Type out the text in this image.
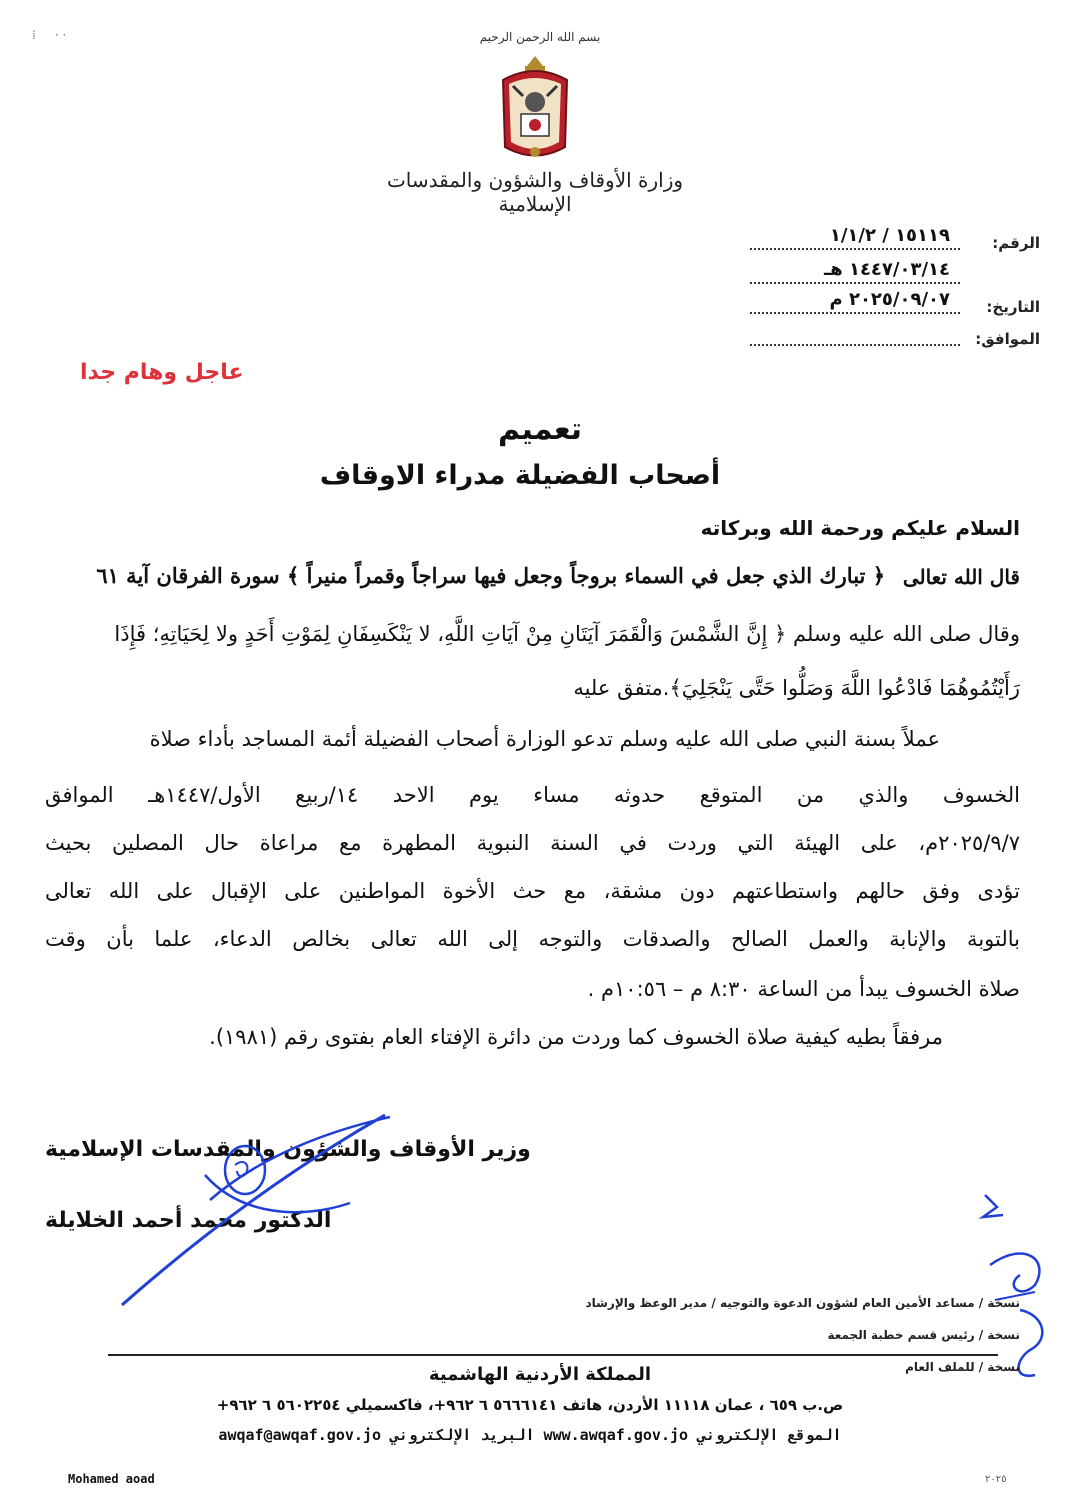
⁞     · ·	بسم الله الرحمن الرحيم
وزارة الأوقاف والشؤون والمقدسات الإسلامية
الرقم:
١٥١١٩ / ١/١/٢
١٤٤٧/٠٣/١٤ هـ
التاريخ:
٢٠٢٥/٠٩/٠٧ م
الموافق:
عاجل وهام جدا
تعميم
أصحاب الفضيلة مدراء الاوقاف
السلام عليكم ورحمة الله وبركاته
قال الله تعالى
﴿ تبارك الذي جعل في السماء بروجاً وجعل فيها سراجاً وقمراً منيراً ﴾ سورة الفرقان آية ٦١
وقال صلى الله عليه وسلم ﴿ إِنَّ الشَّمْسَ وَالْقَمَرَ آيَتَانِ مِنْ آيَاتِ اللَّهِ، لا يَنْكَسِفَانِ لِمَوْتِ أَحَدٍ ولا لِحَيَاتِهِ؛ فَإِذَا
رَأَيْتُمُوهُمَا فَادْعُوا اللَّهَ وَصَلُّوا حَتَّى يَنْجَلِيَ﴾.متفق عليه
عملاً بسنة النبي صلى الله عليه وسلم تدعو الوزارة أصحاب الفضيلة أئمة المساجد بأداء صلاة
الخسوف والذي من المتوقع حدوثه مساء يوم الاحد ١٤/ربيع الأول/١٤٤٧هـ الموافق
٢٠٢٥/٩/٧م، على الهيئة التي وردت في السنة النبوية المطهرة مع مراعاة حال المصلين بحيث
تؤدى وفق حالهم واستطاعتهم دون مشقة، مع حث الأخوة المواطنين على الإقبال على الله تعالى
بالتوبة والإنابة والعمل الصالح والصدقات والتوجه إلى الله تعالى بخالص الدعاء، علما بأن وقت
صلاة الخسوف يبدأ من الساعة ٨:٣٠ م – ١٠:٥٦م .
مرفقاً بطيه كيفية صلاة الخسوف كما وردت من دائرة الإفتاء العام بفتوى رقم (١٩٨١).
وزير الأوقاف والشؤون والمقدسات الإسلامية
الدكتور محمد أحمد الخلايلة
نسخة / مساعد الأمين العام لشؤون الدعوة والتوجيه / مدير الوعظ والإرشاد
نسخة / رئيس قسم خطبة الجمعة
نسخة / للملف العام
المملكة الأردنية الهاشمية
ص.ب ٦٥٩ ، عمان ١١١١٨ الأردن، هاتف ٥٦٦٦١٤١ ٦ ٩٦٢+، فاكسميلي ٥٦٠٢٢٥٤ ٦ ٩٦٢+
الموقع الإلكتروني www.awqaf.gov.jo البريد الإلكتروني awqaf@awqaf.gov.jo
Mohamed aoad	٢٠٢٥
